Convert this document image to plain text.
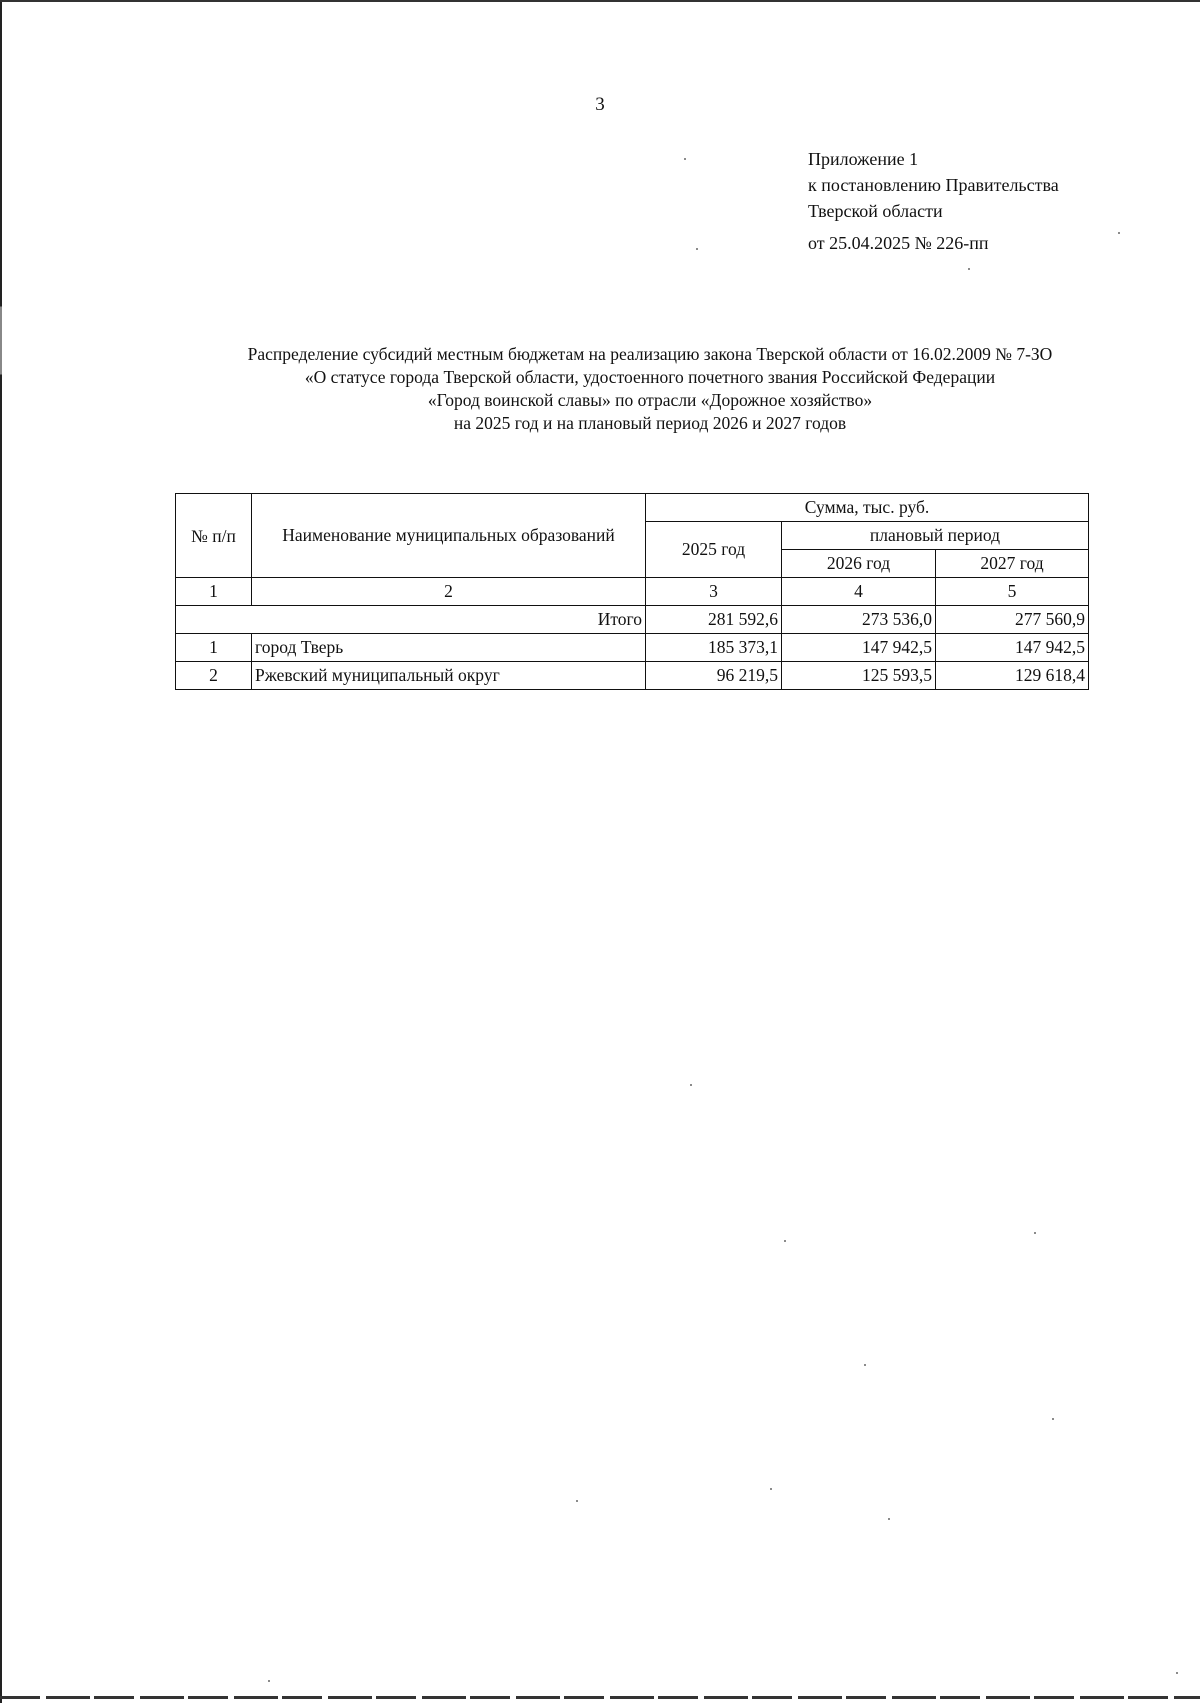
3
Приложение 1
к постановлению Правительства
Тверской области
от 25.04.2025 № 226-пп
Распределение субсидий местным бюджетам на реализацию закона Тверской области от 16.02.2009 № 7-ЗО
«О статусе города Тверской области, удостоенного почетного звания Российской Федерации
«Город воинской славы» по отрасли «Дорожное хозяйство»
на 2025 год и на плановый период 2026 и 2027 годов
№ п/п	Наименование муниципальных образований	Сумма, тыс. руб.		
		2025 год	плановый период	
			2026 год	2027 год
1	2	3	4	5
Итого		281 592,6	273 536,0	277 560,9
1	город Тверь	185 373,1	147 942,5	147 942,5
2	Ржевский муниципальный округ	96 219,5	125 593,5	129 618,4
